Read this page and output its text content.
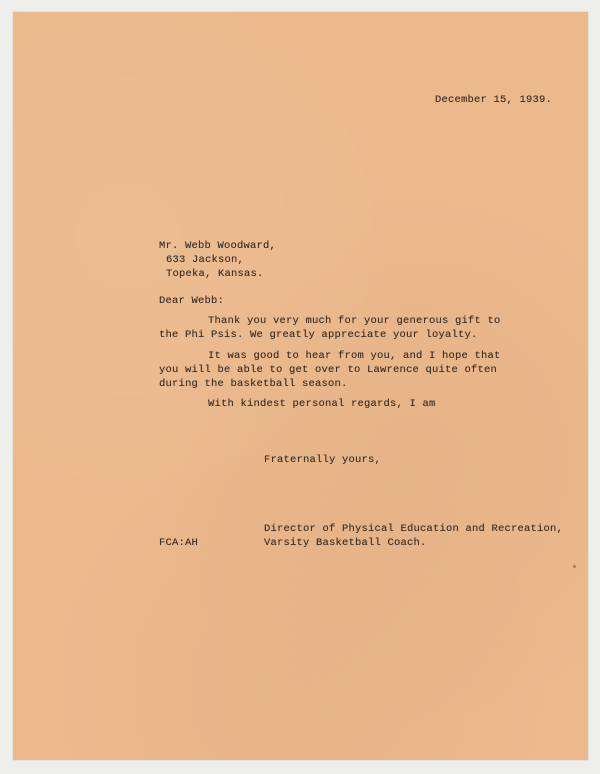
December 15, 1939.
Mr. Webb Woodward,
633 Jackson,
Topeka, Kansas.
Dear Webb:
Thank you very much for your generous gift to
the Phi Psis. We greatly appreciate your loyalty.
It was good to hear from you, and I hope that
you will be able to get over to Lawrence quite often
during the basketball season.
With kindest personal regards, I am
Fraternally yours,
Director of Physical Education and Recreation,
FCA:AH	Varsity Basketball Coach.
